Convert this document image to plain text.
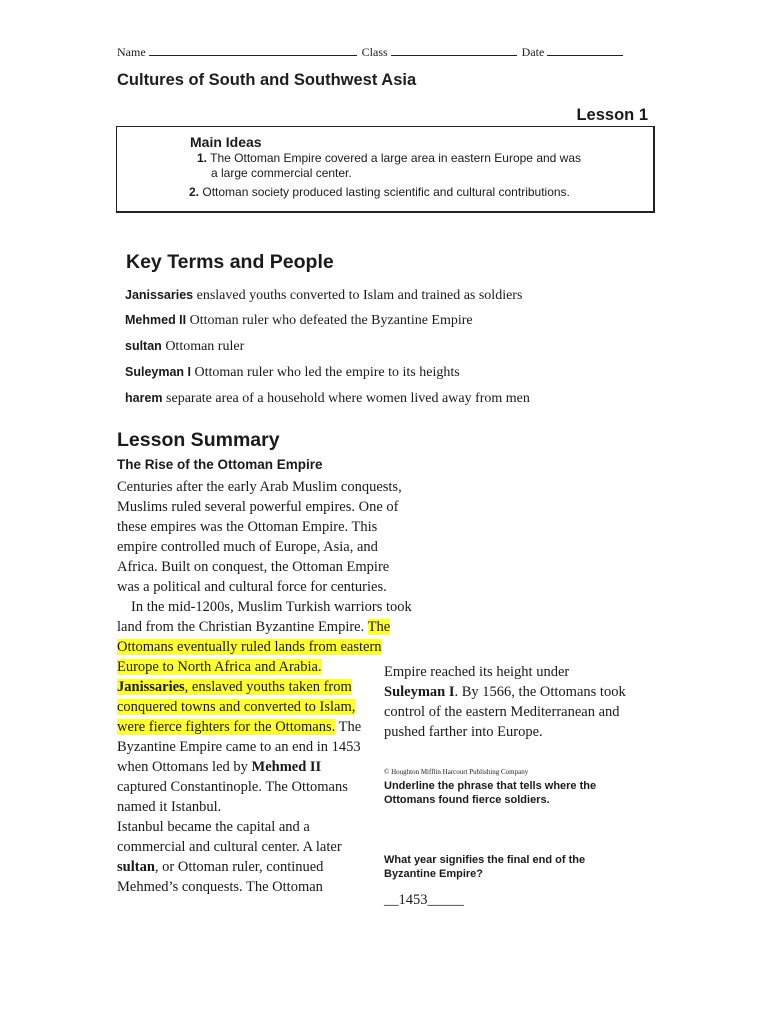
Name	Class	Date
Cultures of South and Southwest Asia
Lesson 1
Main Ideas
1. The Ottoman Empire covered a large area in eastern Europe and was
a large commercial center.
2. Ottoman society produced lasting scientific and cultural contributions.
Key Terms and People
Janissaries enslaved youths converted to Islam and trained as soldiers
Mehmed II Ottoman ruler who defeated the Byzantine Empire
sultan Ottoman ruler
Suleyman I Ottoman ruler who led the empire to its heights
harem separate area of a household where women lived away from men
Lesson Summary
The Rise of the Ottoman Empire
Centuries after the early Arab Muslim conquests,
Muslims ruled several powerful empires. One of
these empires was the Ottoman Empire. This
empire controlled much of Europe, Asia, and
Africa. Built on conquest, the Ottoman Empire
was a political and cultural force for centuries.
In the mid-1200s, Muslim Turkish warriors took
land from the Christian Byzantine Empire. The
Ottomans eventually ruled lands from eastern
Europe to North Africa and Arabia.
Janissaries, enslaved youths taken from
conquered towns and converted to Islam,
were fierce fighters for the Ottomans. The
Byzantine Empire came to an end in 1453
when Ottomans led by Mehmed II
captured Constantinople. The Ottomans
named it Istanbul.
Istanbul became the capital and a
commercial and cultural center. A later
sultan, or Ottoman ruler, continued
Mehmed’s conquests. The Ottoman
Empire reached its height under
Suleyman I. By 1566, the Ottomans took
control of the eastern Mediterranean and
pushed farther into Europe.
© Houghton Mifflin Harcourt Publishing Company
Underline the phrase that tells where the
Ottomans found fierce soldiers.
What year signifies the final end of the
Byzantine Empire?
__1453_____
